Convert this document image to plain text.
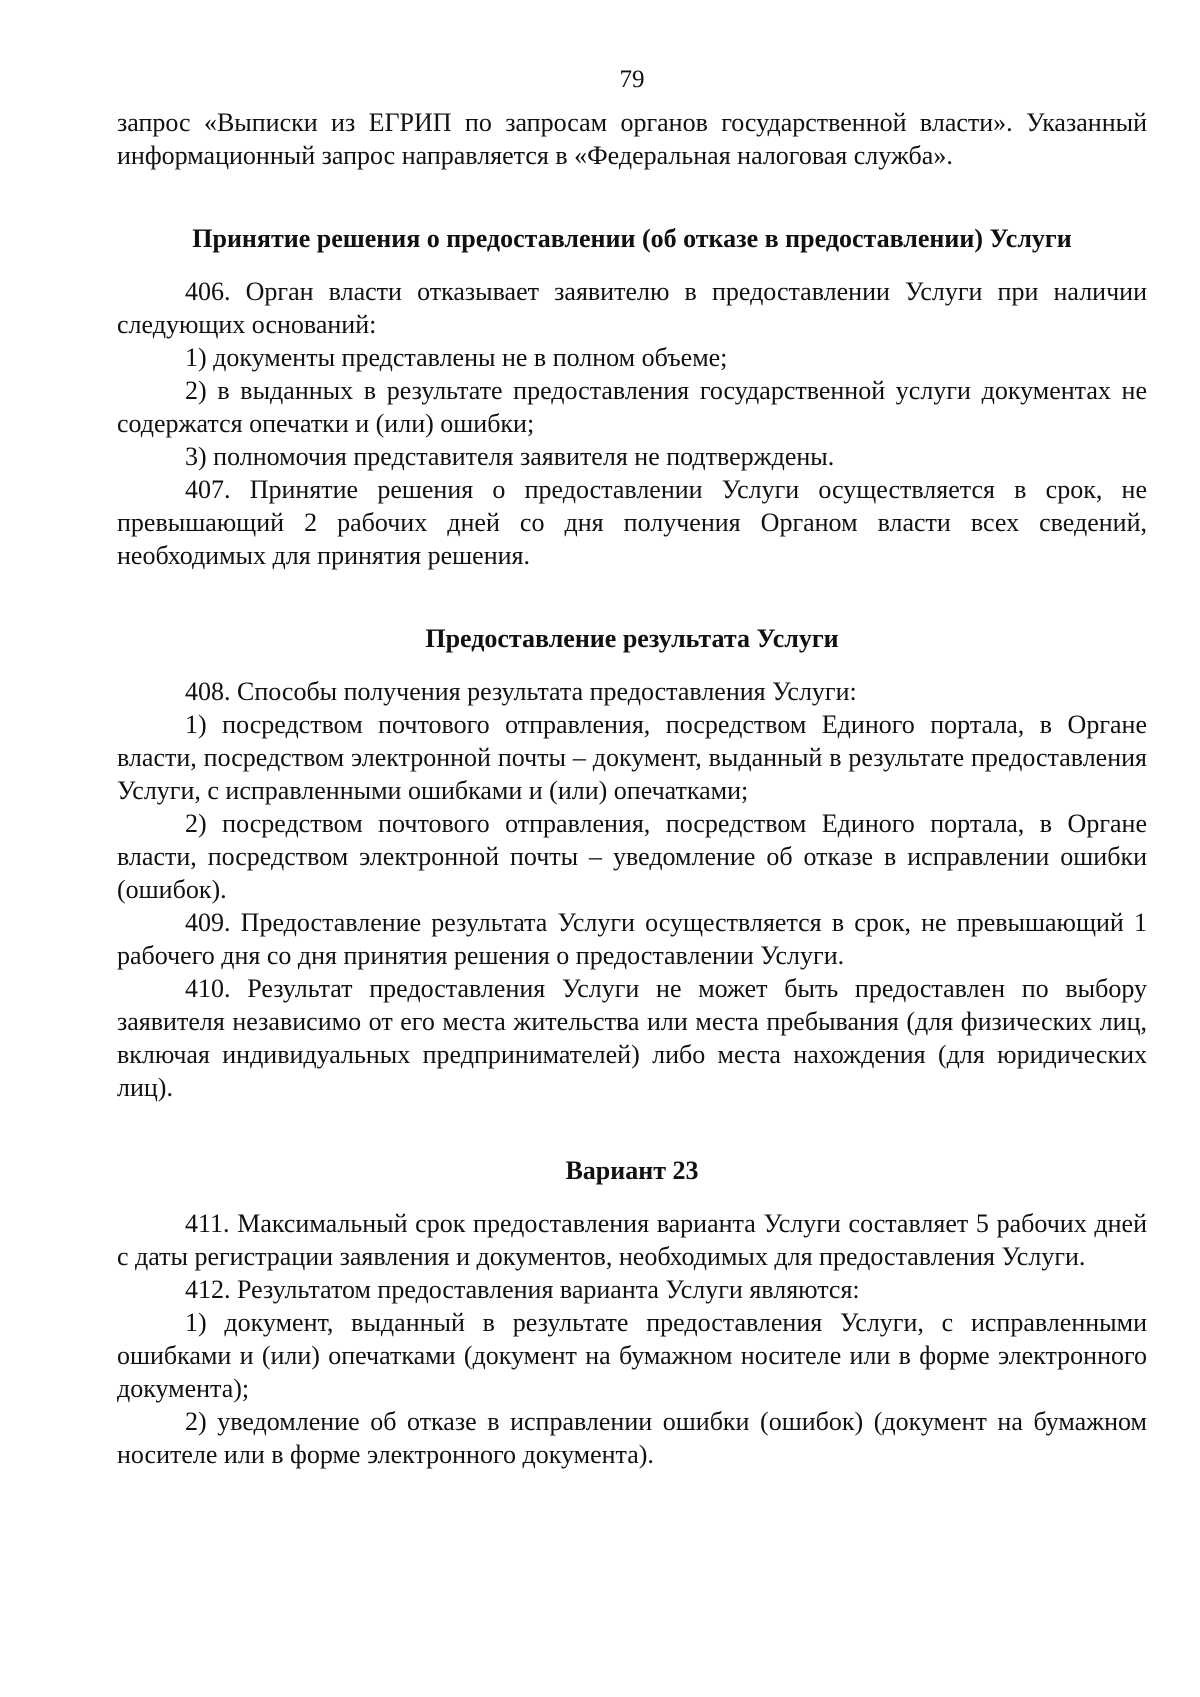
79

запрос «Выписки из ЕГРИП по запросам органов государственной власти». Указанный информационный запрос направляется в «Федеральная налоговая служба».

Принятие решения о предоставлении (об отказе в предоставлении) Услуги

406. Орган власти отказывает заявителю в предоставлении Услуги при наличии следующих оснований:

1) документы представлены не в полном объеме;

2) в выданных в результате предоставления государственной услуги документах не содержатся опечатки и (или) ошибки;

3) полномочия представителя заявителя не подтверждены.

407. Принятие решения о предоставлении Услуги осуществляется в срок, не превышающий 2 рабочих дней со дня получения Органом власти всех сведений, необходимых для принятия решения.

Предоставление результата Услуги

408. Способы получения результата предоставления Услуги:

1) посредством почтового отправления, посредством Единого портала, в Органе власти, посредством электронной почты – документ, выданный в результате предоставления Услуги, с исправленными ошибками и (или) опечатками;

2) посредством почтового отправления, посредством Единого портала, в Органе власти, посредством электронной почты – уведомление об отказе в исправлении ошибки (ошибок).

409. Предоставление результата Услуги осуществляется в срок, не превышающий 1 рабочего дня со дня принятия решения о предоставлении Услуги.

410. Результат предоставления Услуги не может быть предоставлен по выбору заявителя независимо от его места жительства или места пребывания (для физических лиц, включая индивидуальных предпринимателей) либо места нахождения (для юридических лиц).

Вариант 23

411. Максимальный срок предоставления варианта Услуги составляет 5 рабочих дней с даты регистрации заявления и документов, необходимых для предоставления Услуги.

412. Результатом предоставления варианта Услуги являются:

1) документ, выданный в результате предоставления Услуги, с исправленными ошибками и (или) опечатками (документ на бумажном носителе или в форме электронного документа);

2) уведомление об отказе в исправлении ошибки (ошибок) (документ на бумажном носителе или в форме электронного документа).
